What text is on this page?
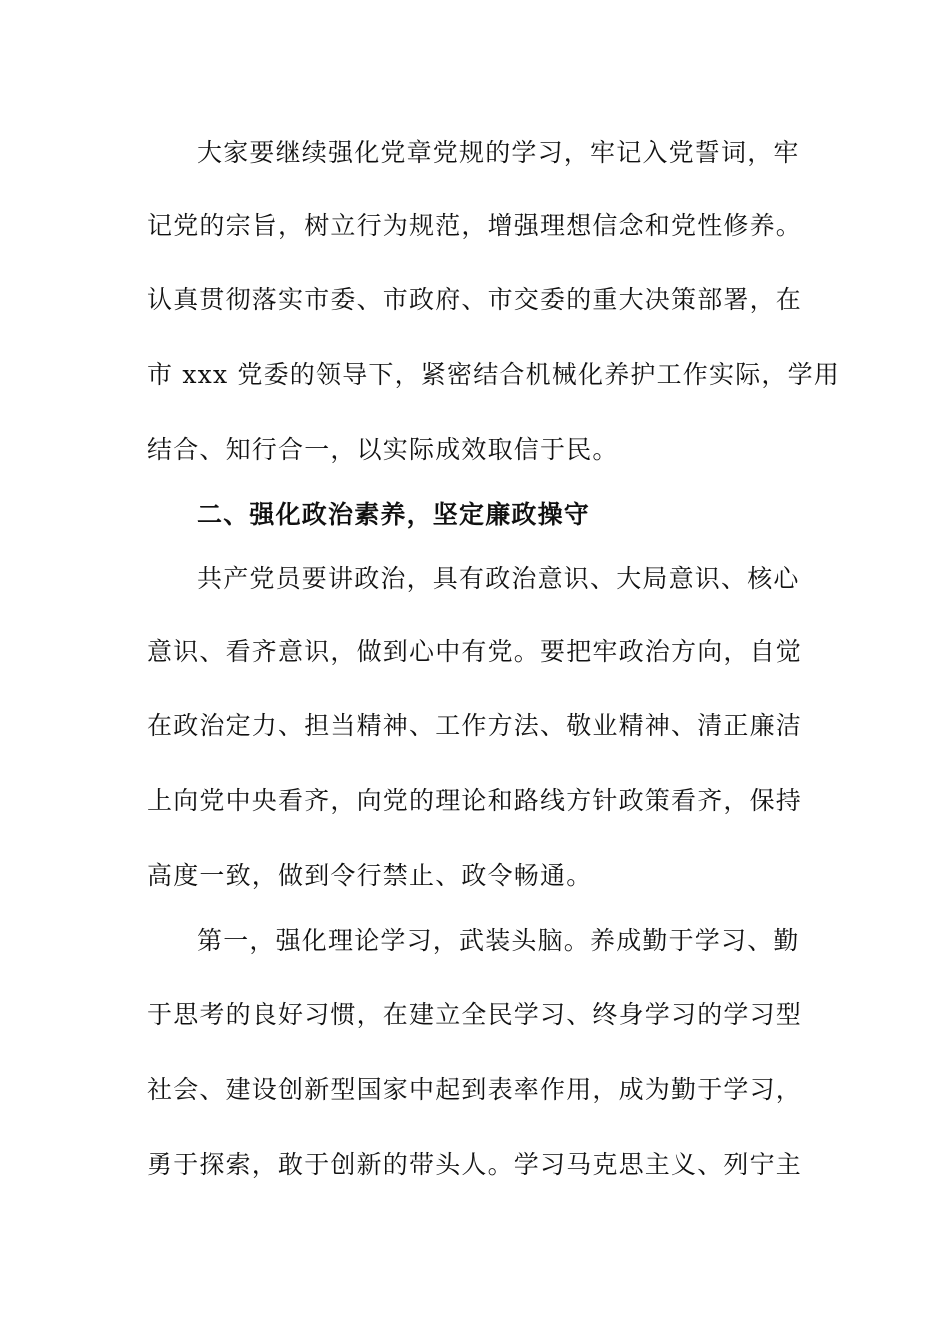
大家要继续强化党章党规的学习，牢记入党誓词，牢
记党的宗旨，树立行为规范，增强理想信念和党性修养。
认真贯彻落实市委、市政府、市交委的重大决策部署，在
市 xxx 党委的领导下，紧密结合机械化养护工作实际，学用
结合、知行合一，以实际成效取信于民。
二、强化政治素养，坚定廉政操守
共产党员要讲政治，具有政治意识、大局意识、核心
意识、看齐意识，做到心中有党。要把牢政治方向，自觉
在政治定力、担当精神、工作方法、敬业精神、清正廉洁
上向党中央看齐，向党的理论和路线方针政策看齐，保持
高度一致，做到令行禁止、政令畅通。
第一，强化理论学习，武装头脑。养成勤于学习、勤
于思考的良好习惯，在建立全民学习、终身学习的学习型
社会、建设创新型国家中起到表率作用，成为勤于学习，
勇于探索，敢于创新的带头人。学习马克思主义、列宁主
